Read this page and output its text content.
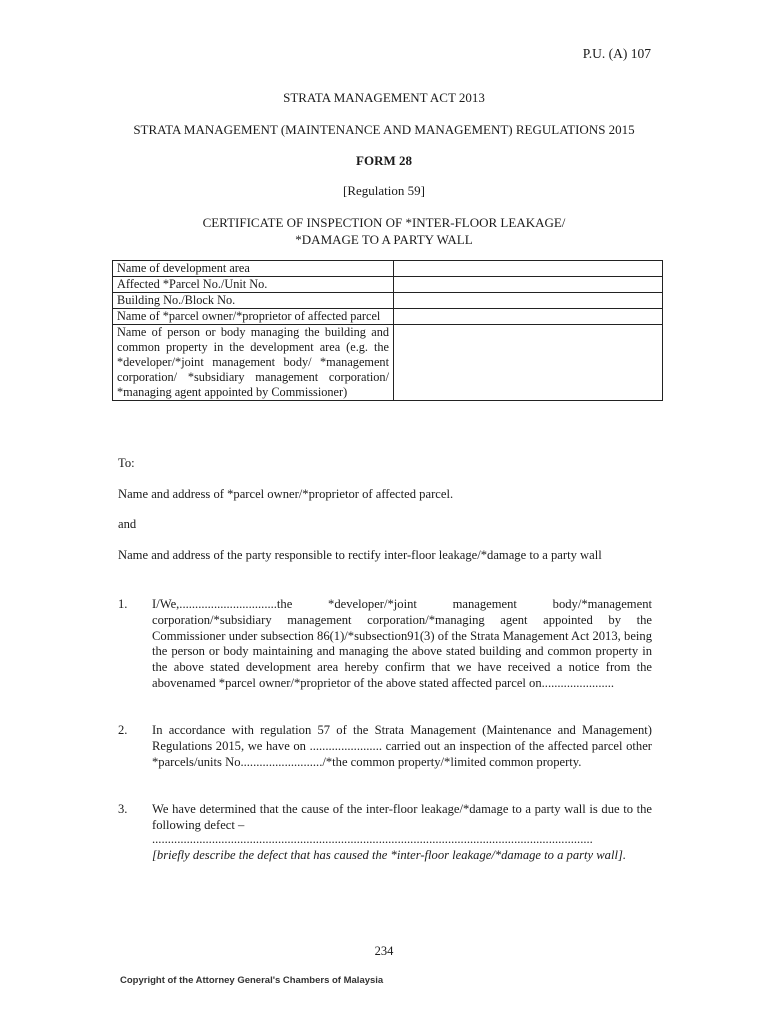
P.U. (A) 107
STRATA MANAGEMENT ACT 2013
STRATA MANAGEMENT (MAINTENANCE AND MANAGEMENT) REGULATIONS 2015
FORM 28
[Regulation 59]
CERTIFICATE OF INSPECTION OF *INTER-FLOOR LEAKAGE/
*DAMAGE TO A PARTY WALL
Name of development area	
Affected *Parcel No./Unit No.	
Building No./Block No.	
Name of *parcel owner/*proprietor of affected parcel	
Name of person or body managing the building and common property in the development area (e.g. the *developer/*joint management body/ *management corporation/ *subsidiary management corporation/ *managing agent appointed by Commissioner)	
To:
Name and address of *parcel owner/*proprietor of affected parcel.
and
Name and address of the party responsible to rectify inter-floor leakage/*damage to a party wall
1. I/We,...............................the *developer/*joint management body/*management corporation/*subsidiary management corporation/*managing agent appointed by the Commissioner under subsection 86(1)/*subsection91(3) of the Strata Management Act 2013, being the person or body maintaining and managing the above stated building and common property in the above stated development area hereby confirm that we have received a notice from the abovenamed *parcel owner/*proprietor of the above stated affected parcel on.......................
2. In accordance with regulation 57 of the Strata Management (Maintenance and Management) Regulations 2015, we have on ....................... carried out an inspection of the affected parcel other *parcels/units No........................../*the common property/*limited common property.
3. We have determined that the cause of the inter-floor leakage/*damage to a party wall is due to the following defect –
............................................................................................................................................
[briefly describe the defect that has caused the *inter-floor leakage/*damage to a party wall].
234
Copyright of the Attorney General's Chambers of Malaysia
